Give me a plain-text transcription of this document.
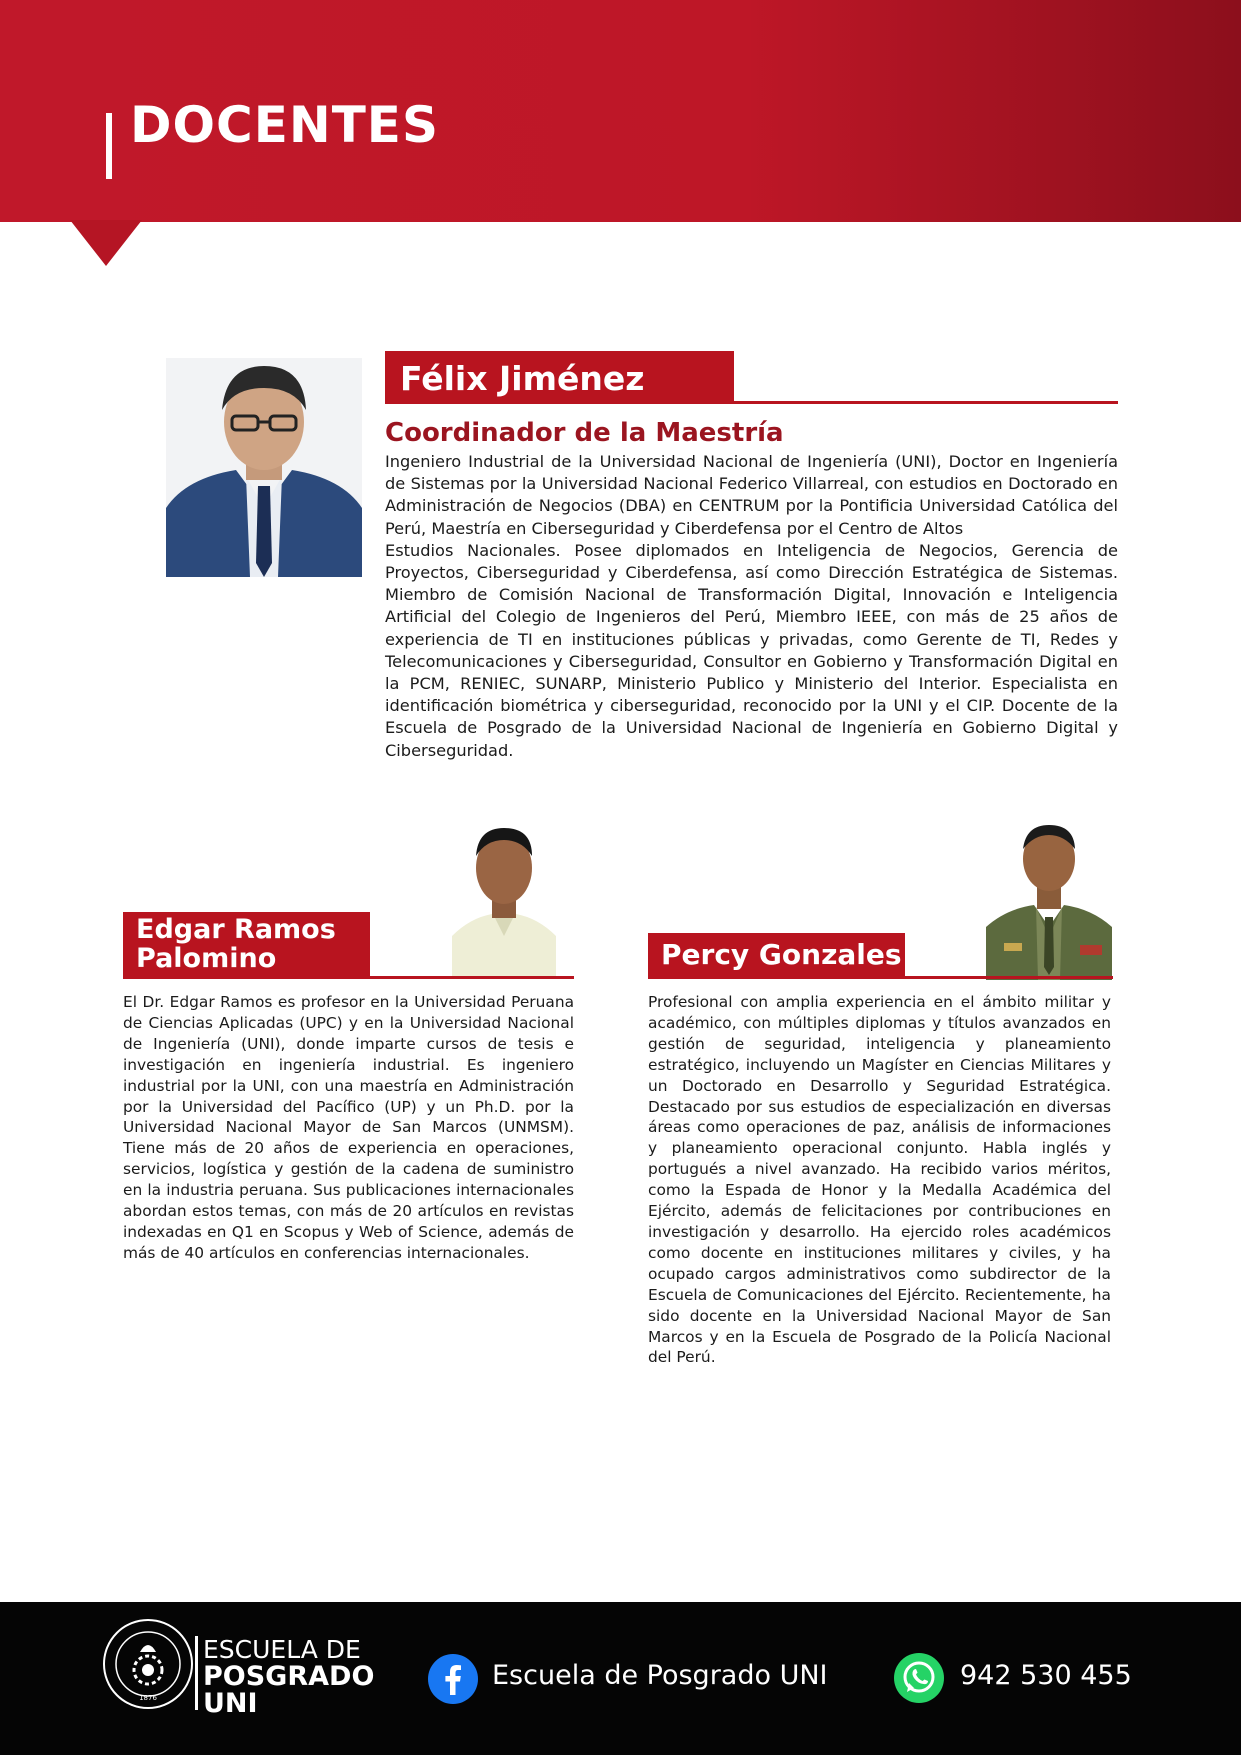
DOCENTES
Félix Jiménez
Coordinador de la Maestría

Ingeniero Industrial de la Universidad Nacional de Ingeniería (UNI), Doctor en Ingeniería de Sistemas por la Universidad Nacional Federico Villarreal, con estudios en Doctorado en Administración de Negocios (DBA) en CENTRUM por la Pontificia Universidad Católica del Perú, Maestría en Ciberseguridad y Ciberdefensa por el Centro de Altos

Estudios Nacionales. Posee diplomados en Inteligencia de Negocios, Gerencia de Proyectos, Ciberseguridad y Ciberdefensa, así como Dirección Estratégica de Sistemas. Miembro de Comisión Nacional de Transformación Digital, Innovación e Inteligencia Artificial del Colegio de Ingenieros del Perú, Miembro IEEE, con más de 25 años de experiencia de TI en instituciones públicas y privadas, como Gerente de TI, Redes y Telecomunicaciones y Ciberseguridad, Consultor en Gobierno y Transformación Digital en la PCM, RENIEC, SUNARP, Ministerio Publico y Ministerio del Interior. Especialista en identificación biométrica y ciberseguridad, reconocido por la UNI y el CIP. Docente de la Escuela de Posgrado de la Universidad Nacional de Ingeniería en Gobierno Digital y Ciberseguridad.

Edgar Ramos
Palomino

El Dr. Edgar Ramos es profesor en la Universidad Peruana de Ciencias Aplicadas (UPC) y en la Universidad Nacional de Ingeniería (UNI), donde imparte cursos de tesis e investigación en ingeniería industrial. Es ingeniero industrial por la UNI, con una maestría en Administración por la Universidad del Pacífico (UP) y un Ph.D. por la Universidad Nacional Mayor de San Marcos (UNMSM). Tiene más de 20 años de experiencia en operaciones, servicios, logística y gestión de la cadena de suministro en la industria peruana. Sus publicaciones internacionales abordan estos temas, con más de 20 artículos en revistas indexadas en Q1 en Scopus y Web of Science, además de más de 40 artículos en conferencias internacionales.

Percy Gonzales

Profesional con amplia experiencia en el ámbito militar y académico, con múltiples diplomas y títulos avanzados en gestión de seguridad, inteligencia y planeamiento estratégico, incluyendo un Magíster en Ciencias Militares y un Doctorado en Desarrollo y Seguridad Estratégica. Destacado por sus estudios de especialización en diversas áreas como operaciones de paz, análisis de informaciones y planeamiento operacional conjunto. Habla inglés y portugués a nivel avanzado. Ha recibido varios méritos, como la Espada de Honor y la Medalla Académica del Ejército, además de felicitaciones por contribuciones en investigación y desarrollo. Ha ejercido roles académicos como docente en instituciones militares y civiles, y ha ocupado cargos administrativos como subdirector de la Escuela de Comunicaciones del Ejército. Recientemente, ha sido docente en la Universidad Nacional Mayor de San Marcos y en la Escuela de Posgrado de la Policía Nacional del Perú.

1876
ESCUELA DE
POSGRADO
UNI
Escuela de Posgrado UNI	942 530 455
